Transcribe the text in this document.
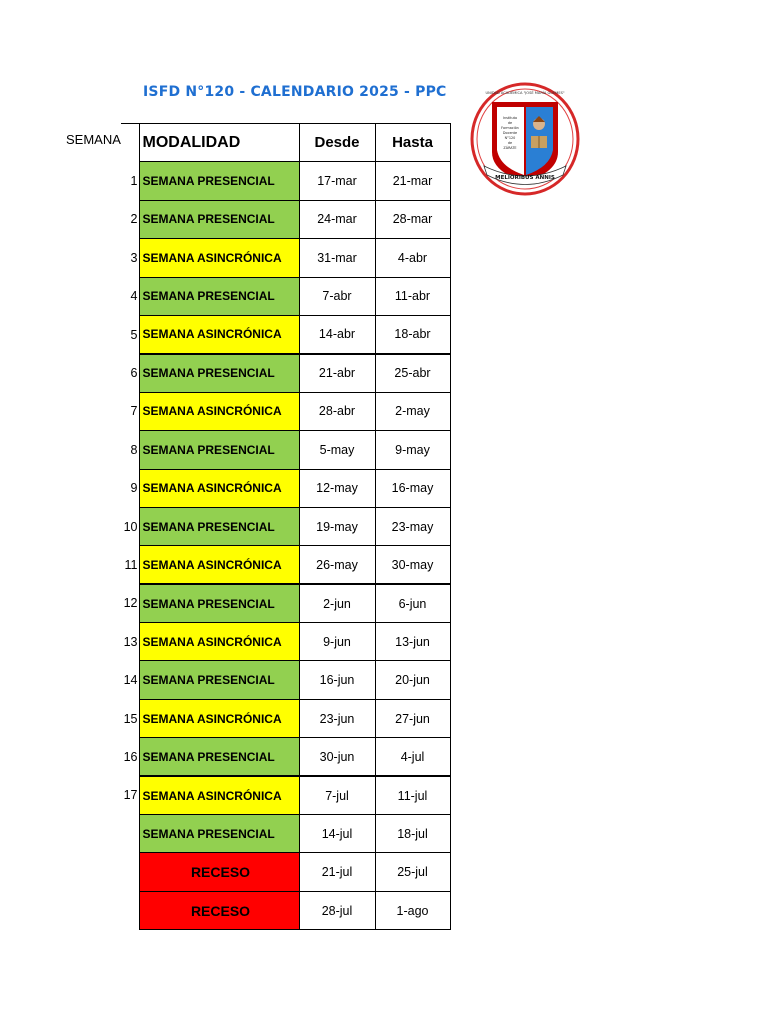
ISFD N°120 - CALENDARIO 2025 - PPC
SEMANA
UNIDAD ACADÉMICA "JOSÉ MARÍA GÜEMES"
Instituto
de
Formación
Docente
N°120
de
ZÁRATE
MELIORIBUS ANNIS
	MODALIDAD	Desde	Hasta
1	SEMANA PRESENCIAL	17-mar	21-mar
2	SEMANA PRESENCIAL	24-mar	28-mar
3	SEMANA ASINCRÓNICA	31-mar	4-abr
4	SEMANA PRESENCIAL	7-abr	11-abr
5	SEMANA ASINCRÓNICA	14-abr	18-abr
6	SEMANA PRESENCIAL	21-abr	25-abr
7	SEMANA ASINCRÓNICA	28-abr	2-may
8	SEMANA PRESENCIAL	5-may	9-may
9	SEMANA ASINCRÓNICA	12-may	16-may
10	SEMANA PRESENCIAL	19-may	23-may
11	SEMANA ASINCRÓNICA	26-may	30-may
12	SEMANA PRESENCIAL	2-jun	6-jun
13	SEMANA ASINCRÓNICA	9-jun	13-jun
14	SEMANA PRESENCIAL	16-jun	20-jun
15	SEMANA ASINCRÓNICA	23-jun	27-jun
16	SEMANA PRESENCIAL	30-jun	4-jul
17	SEMANA ASINCRÓNICA	7-jul	11-jul
	SEMANA PRESENCIAL	14-jul	18-jul
	RECESO	21-jul	25-jul
	RECESO	28-jul	1-ago
